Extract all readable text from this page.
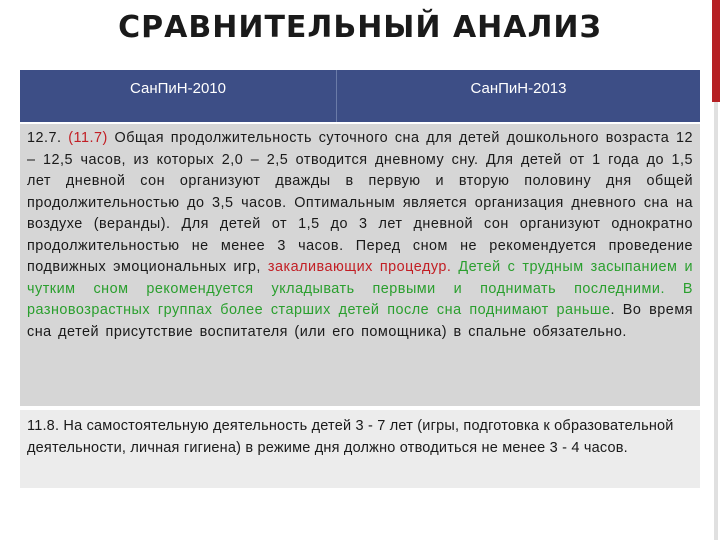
СРАВНИТЕЛЬНЫЙ АНАЛИЗ
СанПиН-2010	СанПиН-2013
12.7. (11.7) Общая продолжительность суточного сна для детей дошкольного возраста 12 – 12,5 часов, из которых 2,0 – 2,5 отводится дневному сну. Для детей от 1 года до 1,5 лет дневной сон организуют дважды в первую и вторую половину дня общей продолжительностью до 3,5 часов. Оптимальным является организация дневного сна на воздухе (веранды). Для детей от 1,5 до 3 лет дневной сон организуют однократно продолжительностью не менее 3 часов. Перед сном не рекомендуется проведение подвижных эмоциональных игр, закаливающих процедур. Детей с трудным засыпанием и чутким сном рекомендуется укладывать первыми и поднимать последними. В разновозрастных группах более старших детей после сна поднимают раньше. Во время сна детей присутствие воспитателя (или его помощника) в спальне обязательно.
11.8. На самостоятельную деятельность детей 3 - 7 лет (игры, подготовка к образовательной деятельности, личная гигиена) в режиме дня должно отводиться не менее 3 - 4 часов.
